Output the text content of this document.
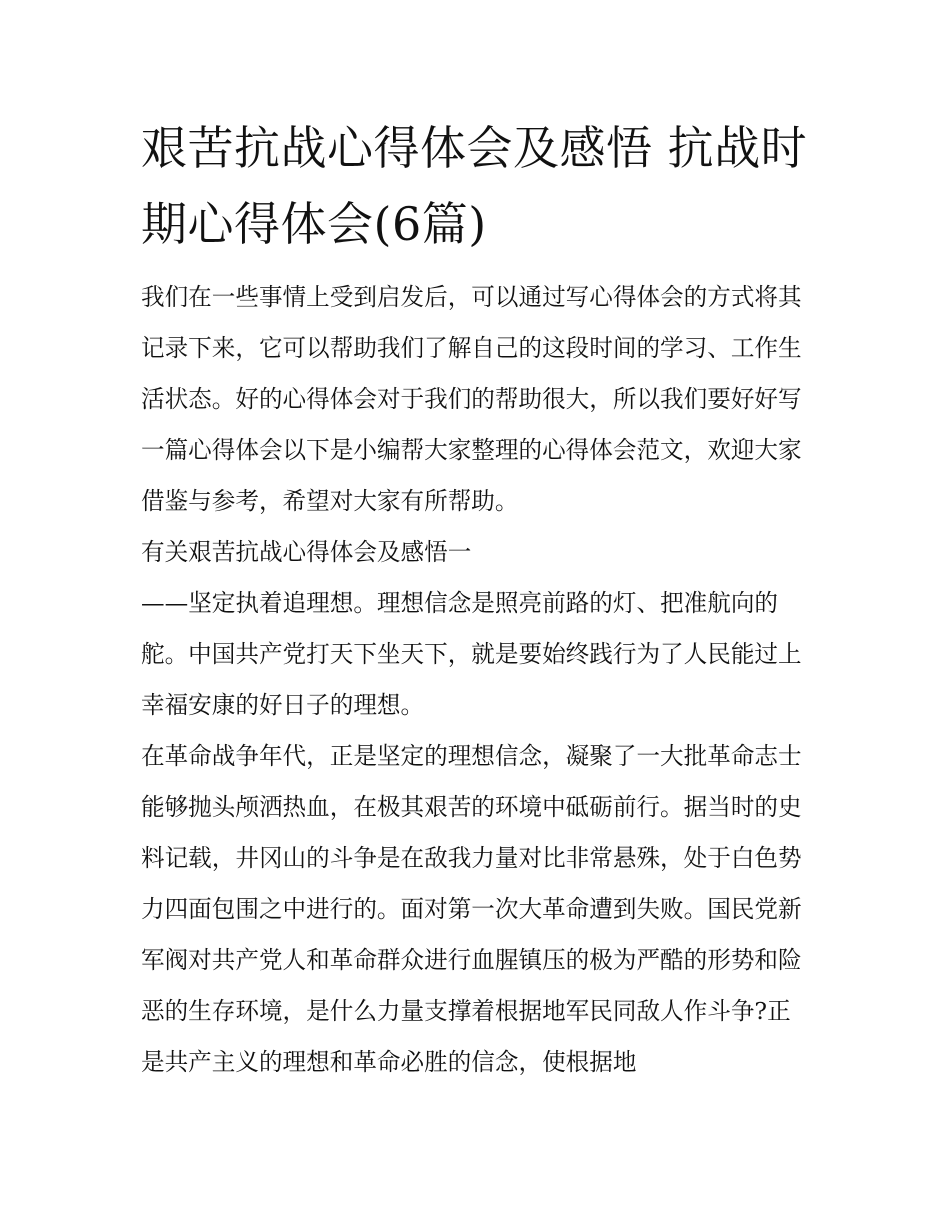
艰苦抗战心得体会及感悟 抗战时期心得体会(6篇)

我们在一些事情上受到启发后，可以通过写心得体会的方式将其记录下来，它可以帮助我们了解自己的这段时间的学习、工作生活状态。好的心得体会对于我们的帮助很大，所以我们要好好写一篇心得体会以下是小编帮大家整理的心得体会范文，欢迎大家借鉴与参考，希望对大家有所帮助。

有关艰苦抗战心得体会及感悟一

——坚定执着追理想。理想信念是照亮前路的灯、把准航向的舵。中国共产党打天下坐天下，就是要始终践行为了人民能过上幸福安康的好日子的理想。

在革命战争年代，正是坚定的理想信念，凝聚了一大批革命志士能够抛头颅洒热血，在极其艰苦的环境中砥砺前行。据当时的史料记载，井冈山的斗争是在敌我力量对比非常悬殊，处于白色势力四面包围之中进行的。面对第一次大革命遭到失败。国民党新军阀对共产党人和革命群众进行血腥镇压的极为严酷的形势和险恶的生存环境，是什么力量支撑着根据地军民同敌人作斗争?正是共产主义的理想和革命必胜的信念，使根据地
